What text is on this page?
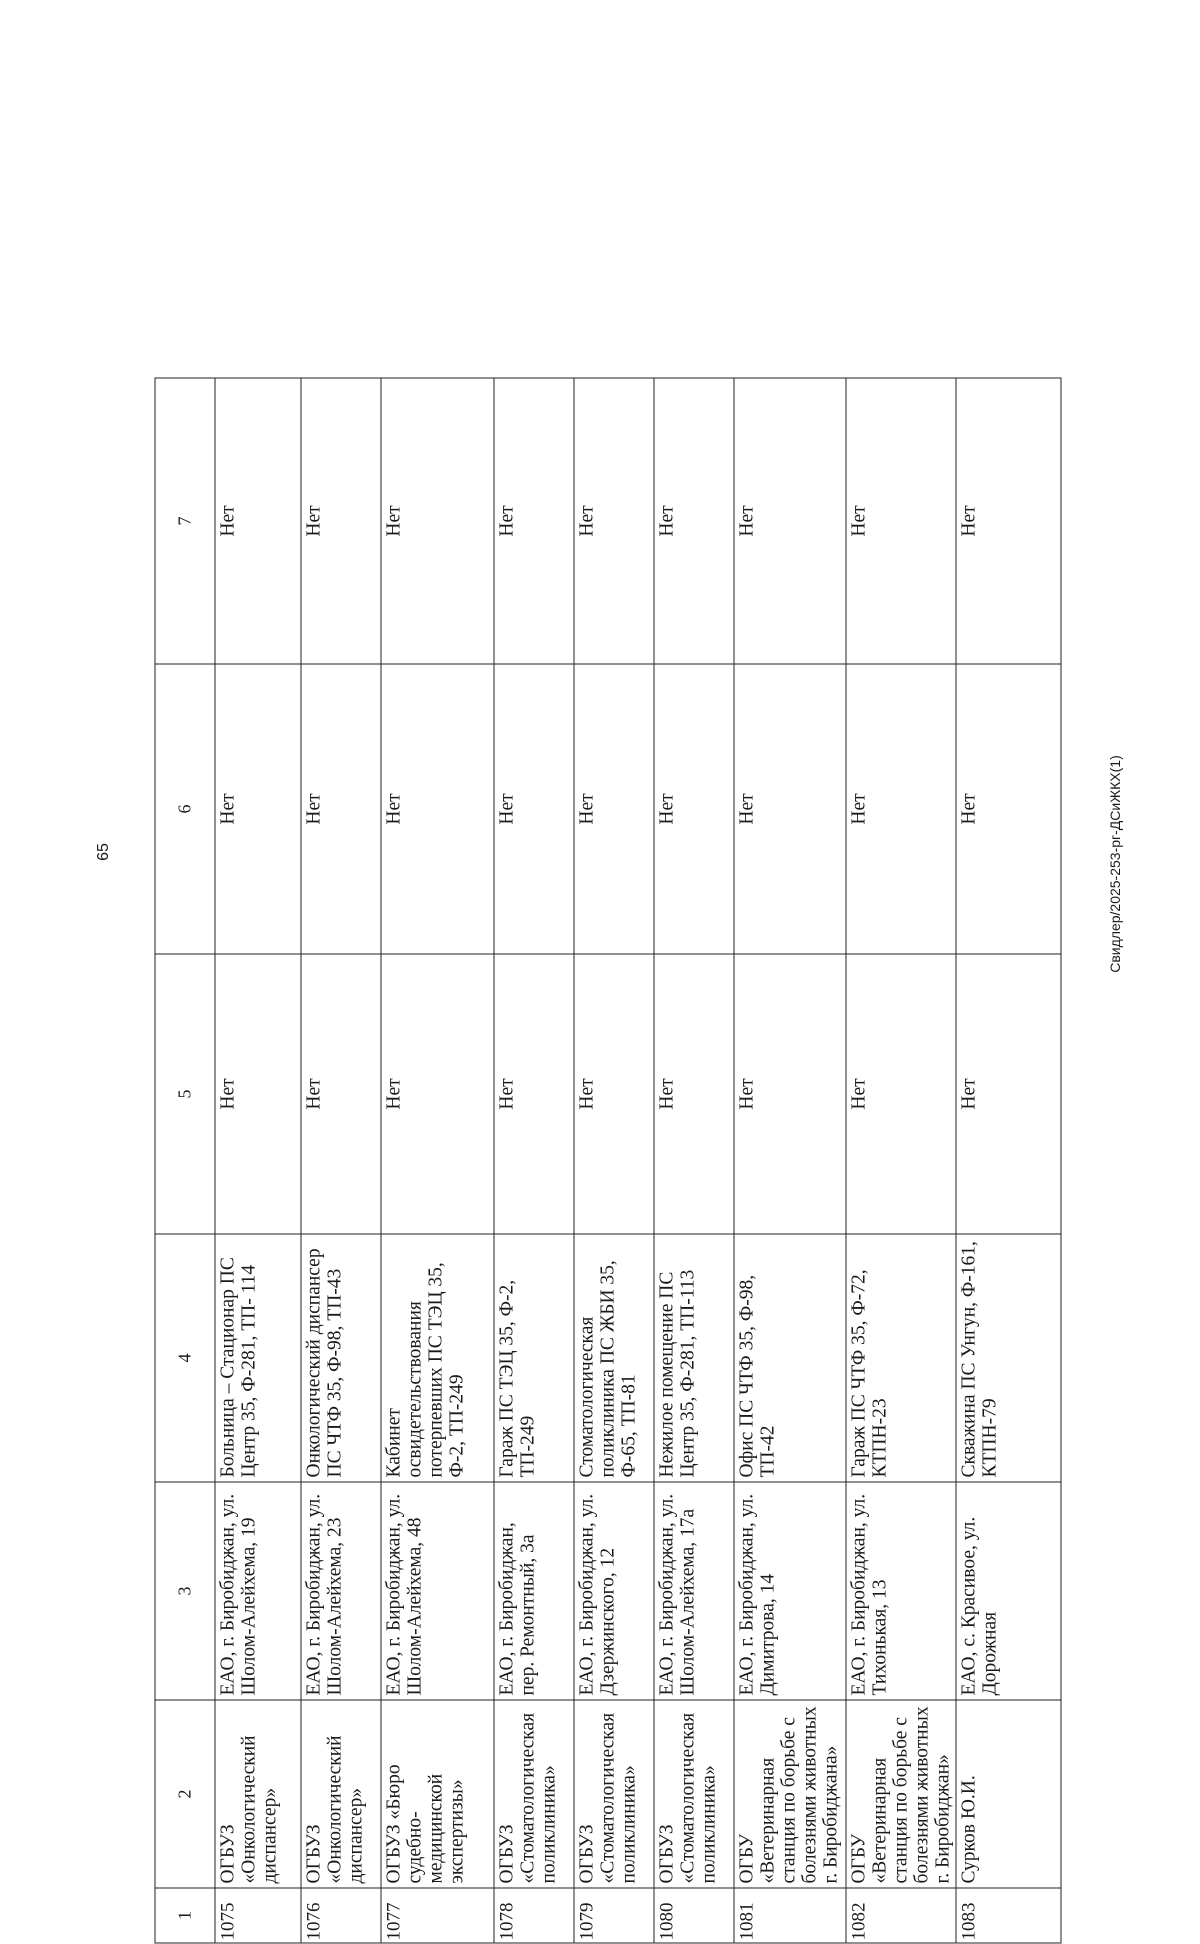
65
1	2	3	4	5	6	7
1075	ОГБУЗ «Онкологический диспансер»	ЕАО, г. Биробиджан, ул. Шолом-Алейхема, 19	Больница – Стационар ПС Центр 35, Ф-281, ТП- 114	Нет	Нет	Нет
1076	ОГБУЗ «Онкологический диспансер»	ЕАО, г. Биробиджан, ул. Шолом-Алейхема, 23	Онкологический диспансер ПС ЧТФ 35, Ф-98, ТП-43	Нет	Нет	Нет
1077	ОГБУЗ «Бюро судебно-медицинской экспертизы»	ЕАО, г. Биробиджан, ул. Шолом-Алейхема, 48	Кабинет освидетельствования потерпевших ПС ТЭЦ 35, Ф-2, ТП-249	Нет	Нет	Нет
1078	ОГБУЗ «Стоматологическая поликлиника»	ЕАО, г. Биробиджан, пер. Ремонтный, 3а	Гараж ПС ТЭЦ 35, Ф-2, ТП-249	Нет	Нет	Нет
1079	ОГБУЗ «Стоматологическая поликлиника»	ЕАО, г. Биробиджан, ул. Дзержинского, 12	Стоматологическая поликлиника ПС ЖБИ 35, Ф-65, ТП-81	Нет	Нет	Нет
1080	ОГБУЗ «Стоматологическая поликлиника»	ЕАО, г. Биробиджан, ул. Шолом-Алейхема, 17а	Нежилое помещение ПС Центр 35, Ф-281, ТП-113	Нет	Нет	Нет
1081	ОГБУ «Ветеринарная станция по борьбе с болезнями животных г. Биробиджана»	ЕАО, г. Биробиджан, ул. Димитрова, 14	Офис ПС ЧТФ 35, Ф-98, ТП-42	Нет	Нет	Нет
1082	ОГБУ «Ветеринарная станция по борьбе с болезнями животных г. Биробиджан»	ЕАО, г. Биробиджан, ул. Тихонькая, 13	Гараж ПС ЧТФ 35, Ф-72, КТПН-23	Нет	Нет	Нет
1083	Сурков Ю.И.	ЕАО, с. Красивое, ул. Дорожная	Скважина ПС Унгун, Ф-161, КТПН-79	Нет	Нет	Нет
Свидлер/2025-253-рг-ДСиЖКХ(1)
